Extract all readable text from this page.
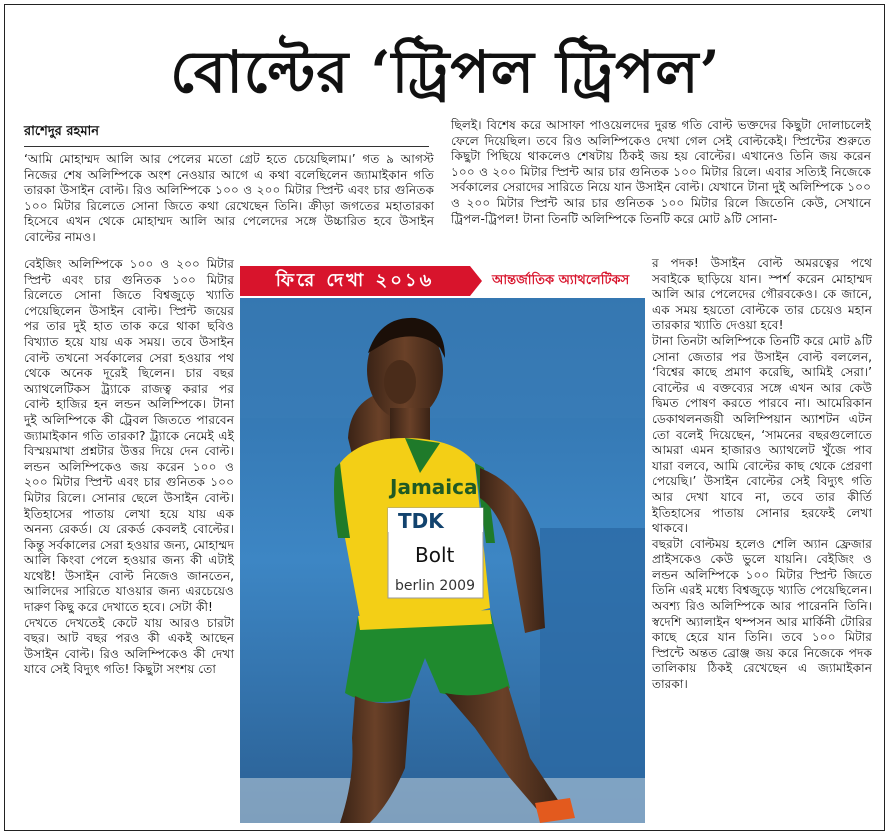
বোল্টের ‘ট্রিপল ট্রিপল’
রাশেদুর রহমান
‘আমি মোহাম্মদ আলি আর পেলের মতো গ্রেট হতে চেয়েছিলাম।’ গত ৯ আগস্ট নিজের শেষ অলিম্পিকে অংশ নেওয়ার আগে এ কথা বলেছিলেন জ্যামাইকান গতি তারকা উসাইন বোল্ট। রিও অলিম্পিকে ১০০ ও ২০০ মিটার স্প্রিন্ট এবং চার গুনিতক ১০০ মিটার রিলেতে সোনা জিতে কথা রেখেছেন তিনি। ক্রীড়া জগতের মহাতারকা হিসেবে এখন থেকে মোহাম্মদ আলি আর পেলেদের সঙ্গে উচ্চারিত হবে উসাইন বোল্টের নামও।

বেইজিং অলিম্পিকে ১০০ ও ২০০ মিটার স্প্রিন্ট এবং চার গুনিতক ১০০ মিটার রিলেতে সোনা জিতে বিশ্বজুড়ে খ্যাতি পেয়েছিলেন উসাইন বোল্ট। স্প্রিন্ট জয়ের পর তার দুই হাত তাক করে থাকা ছবিও বিখ্যাত হয়ে যায় এক সময়। তবে উসাইন বোল্ট তখনো সর্বকালের সেরা হওয়ার পথ থেকে অনেক দূরেই ছিলেন। চার বছর অ্যাথলেটিকস ট্র্যাকে রাজত্ব করার পর বোল্ট হাজির হন লন্ডন অলিম্পিকে। টানা দুই অলিম্পিকে কী ট্রেবল জিততে পারবেন জ্যামাইকান গতি তারকা? ট্র্যাকে নেমেই এই বিস্ময়মাখা প্রশ্নটার উত্তর দিয়ে দেন বোল্ট। লন্ডন অলিম্পিকেও জয় করেন ১০০ ও ২০০ মিটার স্প্রিন্ট এবং চার গুনিতক ১০০ মিটার রিলে। সোনার ছেলে উসাইন বোল্ট। ইতিহাসের পাতায় লেখা হয়ে যায় এক অনন্য রেকর্ড। যে রেকর্ড কেবলই বোল্টের। কিন্তু সর্বকালের সেরা হওয়ার জন্য, মোহাম্মদ আলি কিংবা পেলে হওয়ার জন্য কী এটাই যথেষ্ট! উসাইন বোল্ট নিজেও জানতেন, আলিদের সারিতে যাওয়ার জন্য এরচেয়েও দারুণ কিছু করে দেখাতে হবে। সেটা কী!

দেখতে দেখতেই কেটে যায় আরও চারটা বছর। আট বছর পরও কী একই আছেন উসাইন বোল্ট। রিও অলিম্পিকেও কী দেখা যাবে সেই বিদ্যুৎ গতি! কিছুটা সংশয় তো

ছিলই। বিশেষ করে আসাফা পাওয়েলদের দুরন্ত গতি বোল্ট ভক্তদের কিছুটা দোলাচলেই ফেলে দিয়েছিল। তবে রিও অলিম্পিকেও দেখা গেল সেই বোল্টকেই। স্প্রিন্টের শুরুতে কিছুটা পিছিয়ে থাকলেও শেষটায় ঠিকই জয় হয় বোল্টের। এখানেও তিনি জয় করেন ১০০ ও ২০০ মিটার স্প্রিন্ট আর চার গুনিতক ১০০ মিটার রিলে। এবার সত্যিই নিজেকে সর্বকালের সেরাদের সারিতে নিয়ে যান উসাইন বোল্ট। যেখানে টানা দুই অলিম্পিকে ১০০ ও ২০০ মিটার স্প্রিন্ট আর চার গুনিতক ১০০ মিটার রিলে জিতেনি কেউ, সেখানে ট্রিপল-ট্রিপল! টানা তিনটি অলিম্পিকে তিনটি করে মোট ৯টি সোনা-

র পদক! উসাইন বোল্ট অমরত্বের পথে সবাইকে ছাড়িয়ে যান। স্পর্শ করেন মোহাম্মদ আলি আর পেলেদের গৌরবকেও। কে জানে, এক সময় হয়তো বোল্টকে তার চেয়েও মহান তারকার খ্যাতি দেওয়া হবে!

টানা তিনটা অলিম্পিকে তিনটি করে মোট ৯টি সোনা জেতার পর উসাইন বোল্ট বললেন, ‘বিশ্বের কাছে প্রমাণ করেছি, আমিই সেরা।’ বোল্টের এ বক্তব্যের সঙ্গে এখন আর কেউ দ্বিমত পোষণ করতে পারবে না। আমেরিকান ডেকাথলনজয়ী অলিম্পিয়ান অ্যাশটন এটন তো বলেই দিয়েছেন, ‘সামনের বছরগুলোতে আমরা এমন হাজারও অ্যাথলেট খুঁজে পাব যারা বলবে, আমি বোল্টের কাছ থেকে প্রেরণা পেয়েছি।’ উসাইন বোল্টের সেই বিদ্যুৎ গতি আর দেখা যাবে না, তবে তার কীর্তি ইতিহাসের পাতায় সোনার হরফেই লেখা থাকবে।

বছরটা বোল্টময় হলেও শেলি অ্যান ফ্রেজার প্রাইসকেও কেউ ভুলে যায়নি। বেইজিং ও লন্ডন অলিম্পিকে ১০০ মিটার স্প্রিন্ট জিতে তিনি এরই মধ্যে বিশ্বজুড়ে খ্যাতি পেয়েছিলেন। অবশ্য রিও অলিম্পিকে আর পারেননি তিনি। স্বদেশি অ্যালাইন থম্পসন আর মার্কিনী টোরির কাছে হেরে যান তিনি। তবে ১০০ মিটার স্প্রিন্টে অন্তত ব্রোঞ্জ জয় করে নিজেকে পদক তালিকায় ঠিকই রেখেছেন এ জ্যামাইকান তারকা।

ফিরে দেখা ২০১৬	আন্তর্জাতিক অ্যাথলেটিকস
Jamaica
TDK
Bolt
berlin 2009
